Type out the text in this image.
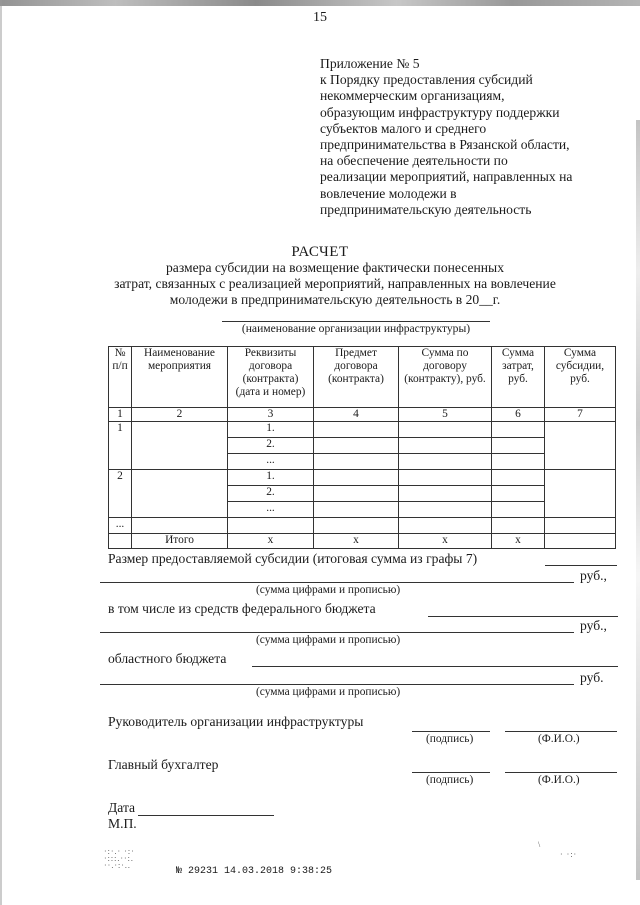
15
Приложение № 5
к Порядку предоставления субсидий
некоммерческим организациям,
образующим инфраструктуру поддержки
субъектов малого и среднего
предпринимательства в Рязанской области,
на обеспечение деятельности по
реализации мероприятий, направленных на
вовлечение молодежи в
предпринимательскую деятельность
РАСЧЕТ
размера субсидии на возмещение фактически понесенных
затрат, связанных с реализацией мероприятий, направленных на вовлечение
молодежи в предпринимательскую деятельность в 20__г.
(наименование организации инфраструктуры)
№ п/п	Наименование мероприятия	Реквизиты договора (контракта) (дата и номер)	Предмет договора (контракта)	Сумма по договору (контракту), руб.	Сумма затрат, руб.	Сумма субсидии, руб.
1	2	3	4	5	6	7
1		1.				
		2.				
		...				
2		1.				
		2.				
		...				
...						
	Итого	x	x	x	x	
Размер предоставляемой субсидии (итоговая сумма из графы 7)
руб.,
(сумма цифрами и прописью)
в том числе из средств федерального бюджета
руб.,
(сумма цифрами и прописью)
областного бюджета
руб.
(сумма цифрами и прописью)
Руководитель организации инфраструктуры
(подпись)	(Ф.И.О.)
Главный бухгалтер
(подпись)	(Ф.И.О.)
Дата
М.П.
·:·.· ·:·
·:::.··:.
··.·:·..
\
· ·:·
№ 29231 14.03.2018 9:38:25
